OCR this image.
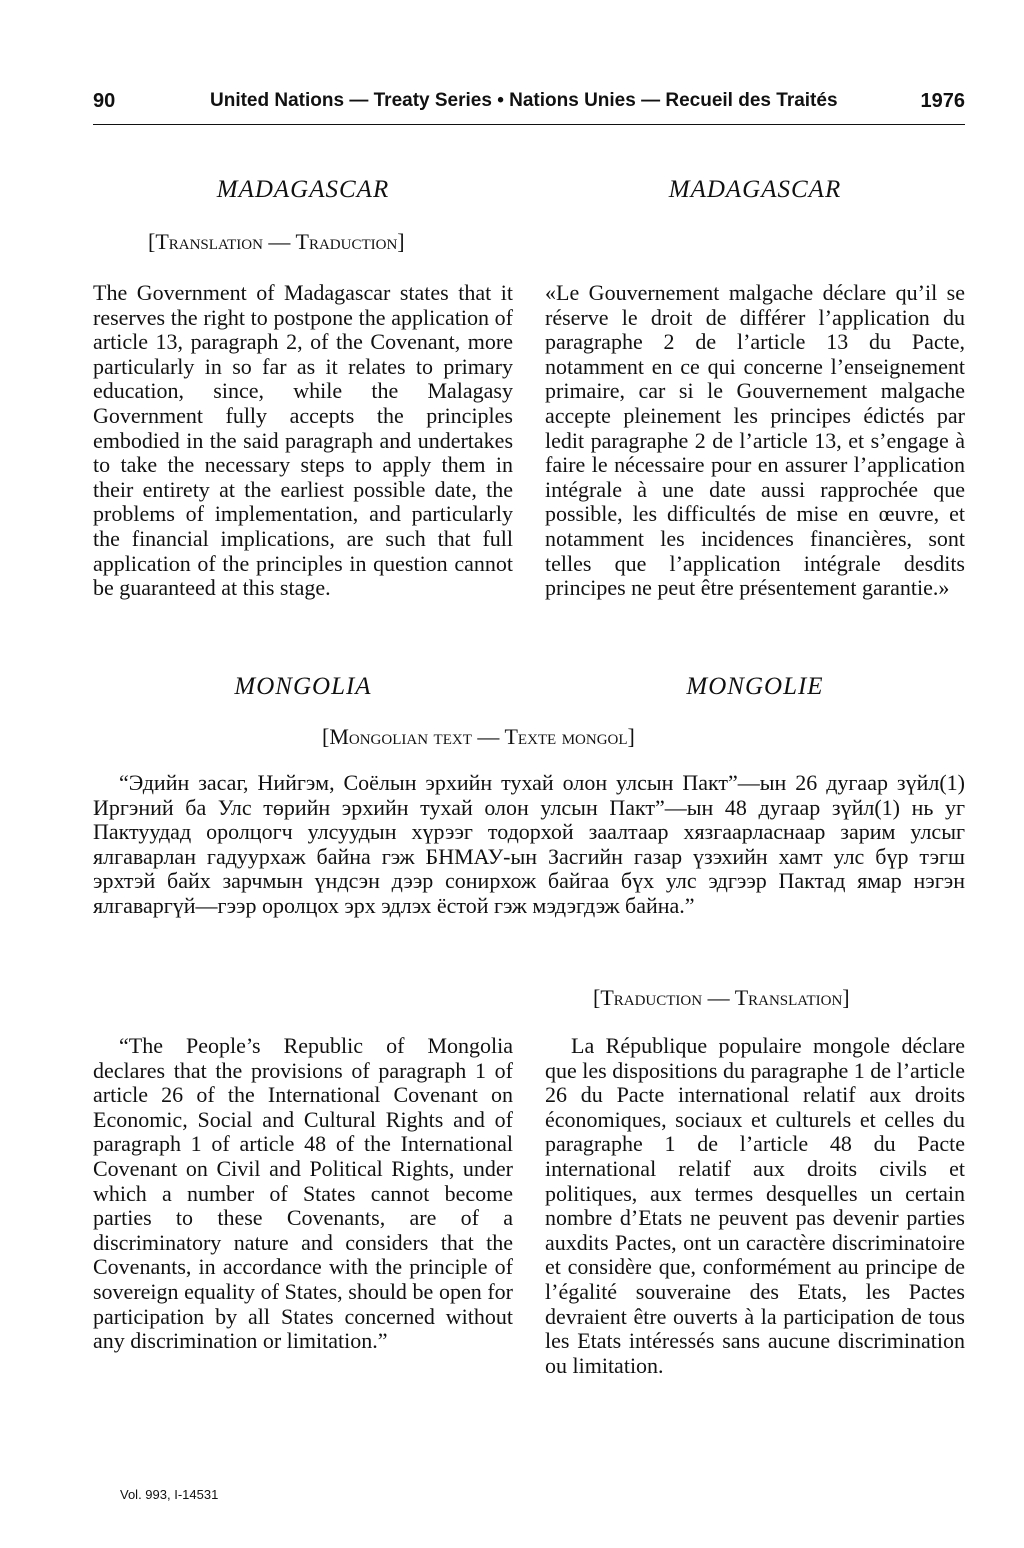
90	United Nations — Treaty Series • Nations Unies — Recueil des Traités	1976
MADAGASCAR	MADAGASCAR
[Translation — Traduction]

The Government of Madagascar states that it reserves the right to postpone the application of article 13, paragraph 2, of the Covenant, more particularly in so far as it relates to primary education, since, while the Malagasy Government fully accepts the principles embodied in the said paragraph and undertakes to take the necessary steps to apply them in their entirety at the earliest possible date, the problems of implementation, and particularly the financial implications, are such that full application of the principles in question cannot be guaranteed at this stage.

«Le Gouvernement malgache déclare qu’il se réserve le droit de différer l’application du paragraphe 2 de l’article 13 du Pacte, notamment en ce qui concerne l’enseignement primaire, car si le Gouvernement malgache accepte pleinement les principes édictés par ledit paragraphe 2 de l’article 13, et s’engage à faire le nécessaire pour en assurer l’application intégrale à une date aussi rapprochée que possible, les difficultés de mise en œuvre, et notamment les incidences financières, sont telles que l’application intégrale desdits principes ne peut être présentement garantie.»

MONGOLIA	MONGOLIE
[Mongolian text — Texte mongol]
“Эдийн засаг, Нийгэм, Соёлын эрхийн тухай олон улсын Пакт”—ын 26 дугаар зүйл(1) Иргэний ба Улс төрийн эрхийн тухай олон улсын Пакт”—ын 48 дугаар зүйл(1) нь уг Пактуудад оролцогч улсуудын хүрээг тодорхой заалтаар хязгаарласнаар зарим улсыг ялгаварлан гадуурхаж байна гэж БНМАУ-ын Засгийн газар үзэхийн хамт улс бүр тэгш эрхтэй байх зарчмын үндсэн дээр сонирхож байгаа бүх улс эдгээр Пактад ямар нэгэн ялгаваргүй—гээр оролцох эрх эдлэх ёстой гэж мэдэгдэж байна.”
[Traduction — Translation]

“The People’s Republic of Mongolia declares that the provisions of paragraph 1 of article 26 of the International Covenant on Economic, Social and Cultural Rights and of paragraph 1 of article 48 of the International Covenant on Civil and Political Rights, under which a number of States cannot become parties to these Covenants, are of a discriminatory nature and considers that the Covenants, in accordance with the principle of sovereign equality of States, should be open for participation by all States concerned without any discrimination or limitation.”

La République populaire mongole déclare que les dispositions du paragraphe 1 de l’article 26 du Pacte international relatif aux droits économiques, sociaux et culturels et celles du paragraphe 1 de l’article 48 du Pacte international relatif aux droits civils et politiques, aux termes desquelles un certain nombre d’Etats ne peuvent pas devenir parties auxdits Pactes, ont un caractère discriminatoire et considère que, conformément au principe de l’égalité souveraine des Etats, les Pactes devraient être ouverts à la participation de tous les Etats intéressés sans aucune discrimination ou limitation.

Vol. 993, I-14531
